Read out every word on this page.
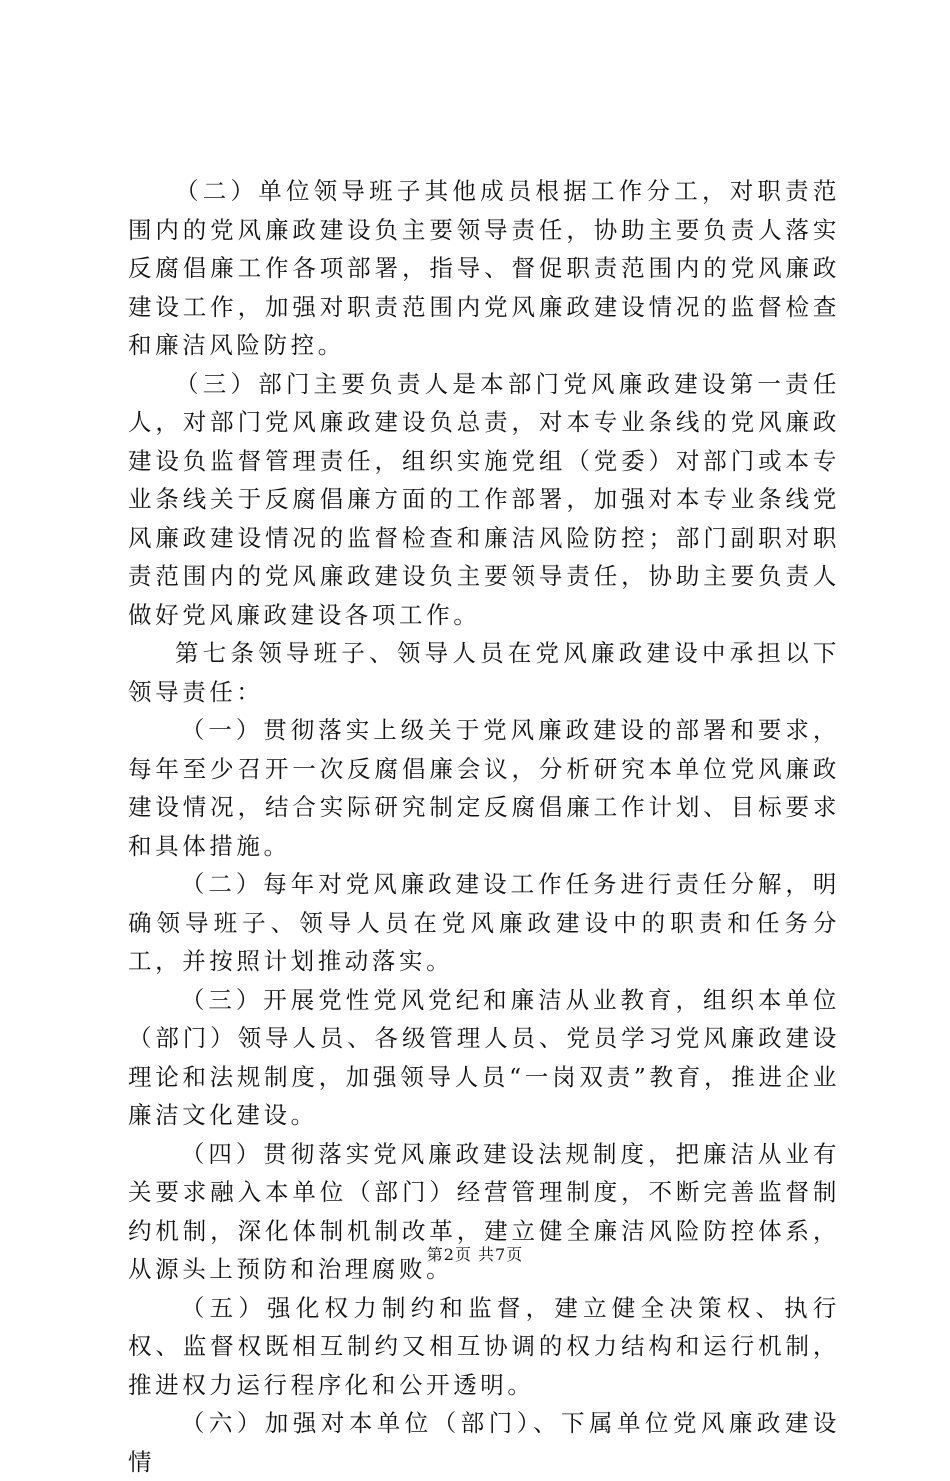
（二）单位领导班子其他成员根据工作分工，对职责范围内的党风廉政建设负主要领导责任，协助主要负责人落实反腐倡廉工作各项部署，指导、督促职责范围内的党风廉政建设工作，加强对职责范围内党风廉政建设情况的监督检查和廉洁风险防控。

（三）部门主要负责人是本部门党风廉政建设第一责任人，对部门党风廉政建设负总责，对本专业条线的党风廉政建设负监督管理责任，组织实施党组（党委）对部门或本专业条线关于反腐倡廉方面的工作部署，加强对本专业条线党风廉政建设情况的监督检查和廉洁风险防控；部门副职对职责范围内的党风廉政建设负主要领导责任，协助主要负责人做好党风廉政建设各项工作。

第七条领导班子、领导人员在党风廉政建设中承担以下领导责任：

（一）贯彻落实上级关于党风廉政建设的部署和要求，每年至少召开一次反腐倡廉会议，分析研究本单位党风廉政建设情况，结合实际研究制定反腐倡廉工作计划、目标要求和具体措施。

（二）每年对党风廉政建设工作任务进行责任分解，明确领导班子、领导人员在党风廉政建设中的职责和任务分工，并按照计划推动落实。

（三）开展党性党风党纪和廉洁从业教育，组织本单位（部门）领导人员、各级管理人员、党员学习党风廉政建设理论和法规制度，加强领导人员“一岗双责”教育，推进企业廉洁文化建设。

（四）贯彻落实党风廉政建设法规制度，把廉洁从业有关要求融入本单位（部门）经营管理制度，不断完善监督制约机制，深化体制机制改革，建立健全廉洁风险防控体系，从源头上预防和治理腐败。

（五）强化权力制约和监督，建立健全决策权、执行权、监督权既相互制约又相互协调的权力结构和运行机制，推进权力运行程序化和公开透明。

（六）加强对本单位（部门）、下属单位党风廉政建设情

第2页 共7页
